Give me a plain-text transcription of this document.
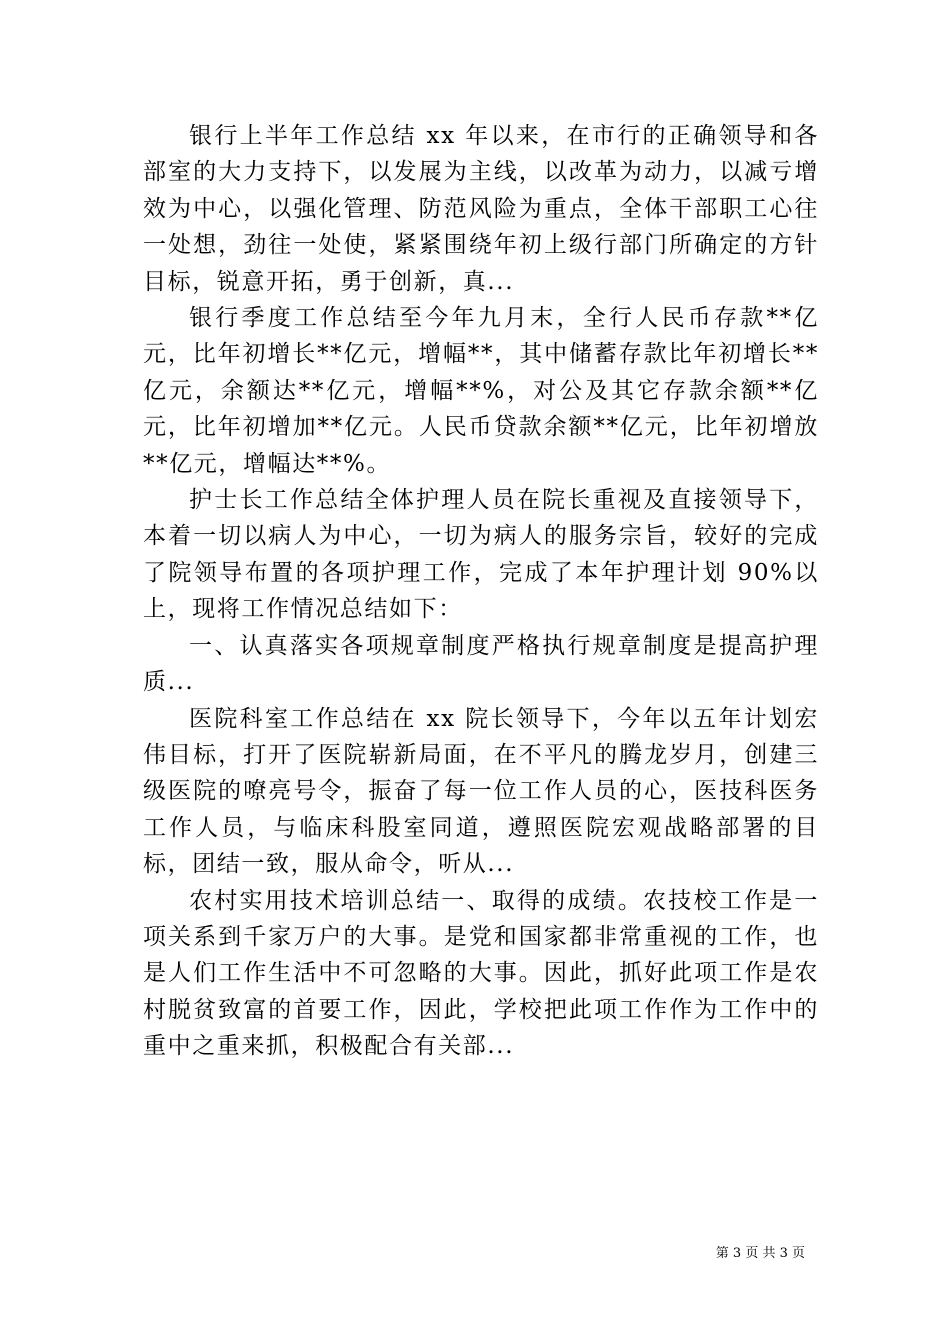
银行上半年工作总结 xx 年以来，在市行的正确领导和各部室的大力支持下，以发展为主线，以改革为动力，以减亏增效为中心，以强化管理、防范风险为重点，全体干部职工心往一处想，劲往一处使，紧紧围绕年初上级行部门所确定的方针目标，锐意开拓，勇于创新，真...

银行季度工作总结至今年九月末，全行人民币存款**亿元，比年初增长**亿元，增幅**，其中储蓄存款比年初增长**亿元，余额达**亿元，增幅**%，对公及其它存款余额**亿元，比年初增加**亿元。人民币贷款余额**亿元，比年初增放**亿元，增幅达**%。

护士长工作总结全体护理人员在院长重视及直接领导下，本着一切以病人为中心，一切为病人的服务宗旨，较好的完成了院领导布置的各项护理工作，完成了本年护理计划 90%以上，现将工作情况总结如下：

一、认真落实各项规章制度严格执行规章制度是提高护理质...

医院科室工作总结在 xx 院长领导下，今年以五年计划宏伟目标，打开了医院崭新局面，在不平凡的腾龙岁月，创建三级医院的嘹亮号令，振奋了每一位工作人员的心，医技科医务工作人员，与临床科股室同道，遵照医院宏观战略部署的目标，团结一致，服从命令，听从...

农村实用技术培训总结一、取得的成绩。农技校工作是一项关系到千家万户的大事。是党和国家都非常重视的工作，也是人们工作生活中不可忽略的大事。因此，抓好此项工作是农村脱贫致富的首要工作，因此，学校把此项工作作为工作中的重中之重来抓，积极配合有关部...

第 3 页 共 3 页
